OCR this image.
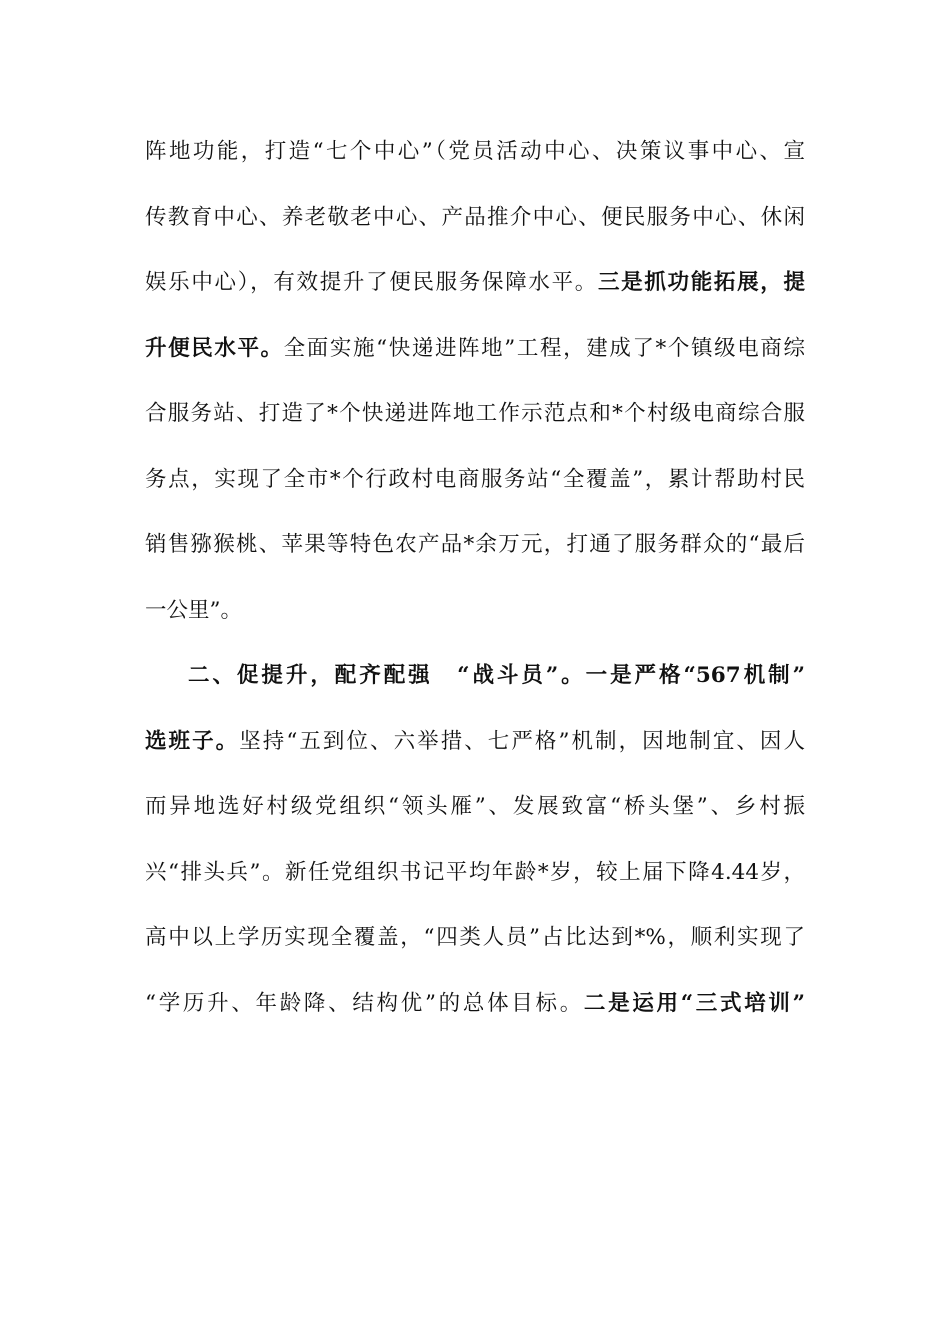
阵地功能，打造“七个中心”（党员活动中心、决策议事中心、宣
传教育中心、养老敬老中心、产品推介中心、便民服务中心、休闲
娱乐中心），有效提升了便民服务保障水平。三是抓功能拓展，提
升便民水平。全面实施“快递进阵地”工程，建成了*个镇级电商综
合服务站、打造了*个快递进阵地工作示范点和*个村级电商综合服
务点，实现了全市*个行政村电商服务站“全覆盖”，累计帮助村民
销售猕猴桃、苹果等特色农产品*余万元，打通了服务群众的“最后
一公里”。
二、促提升，配齐配强　“战斗员”。一是严格“567机制”
选班子。坚持“五到位、六举措、七严格”机制，因地制宜、因人
而异地选好村级党组织“领头雁”、发展致富“桥头堡”、乡村振
兴“排头兵”。新任党组织书记平均年龄*岁，较上届下降4.44岁，
高中以上学历实现全覆盖，“四类人员”占比达到*%，顺利实现了
“学历升、年龄降、结构优”的总体目标。二是运用“三式培训”
